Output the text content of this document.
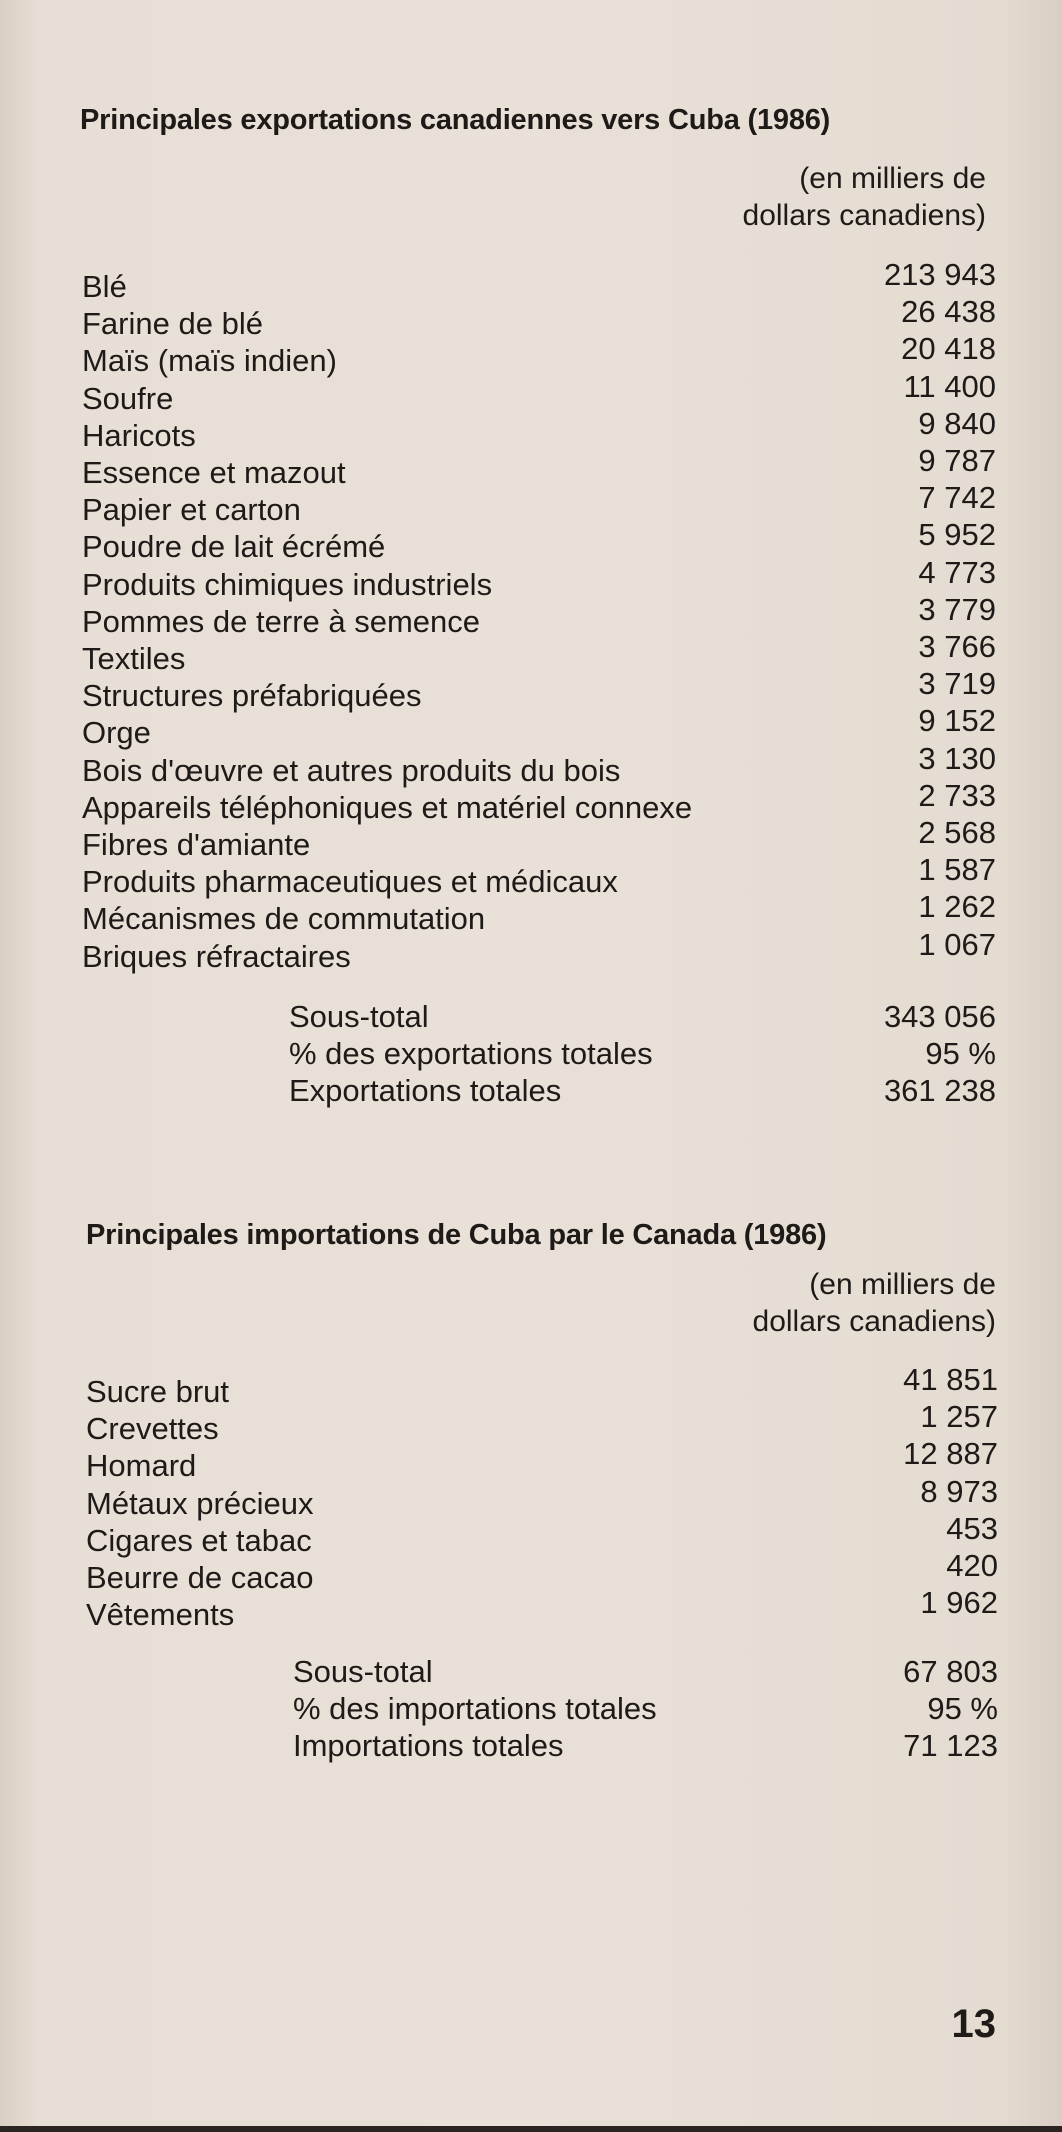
Principales exportations canadiennes vers Cuba (1986)
(en milliers de
dollars canadiens)
Blé	213 943
Farine de blé	26 438
Maïs (maïs indien)	20 418
Soufre	11 400
Haricots	9 840
Essence et mazout	9 787
Papier et carton	7 742
Poudre de lait écrémé	5 952
Produits chimiques industriels	4 773
Pommes de terre à semence	3 779
Textiles	3 766
Structures préfabriquées	3 719
Orge	9 152
Bois d'œuvre et autres produits du bois	3 130
Appareils téléphoniques et matériel connexe	2 733
Fibres d'amiante	2 568
Produits pharmaceutiques et médicaux	1 587
Mécanismes de commutation	1 262
Briques réfractaires	1 067
Sous-total	343 056
% des exportations totales	95 %
Exportations totales	361 238
Principales importations de Cuba par le Canada (1986)
(en milliers de
dollars canadiens)
Sucre brut	41 851
Crevettes	1 257
Homard	12 887
Métaux précieux	8 973
Cigares et tabac	453
Beurre de cacao	420
Vêtements	1 962
Sous-total	67 803
% des importations totales	95 %
Importations totales	71 123
13
